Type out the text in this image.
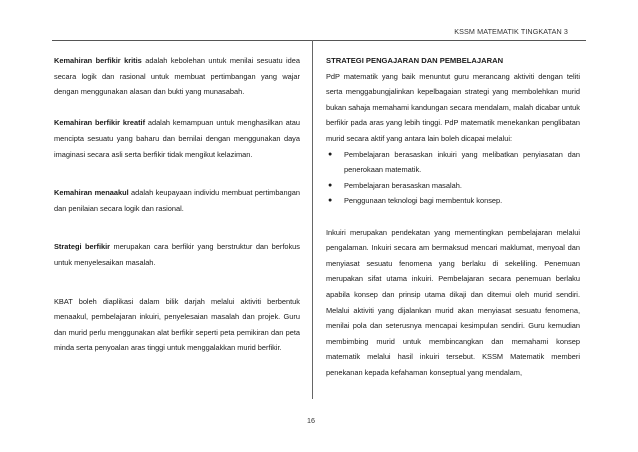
KSSM MATEMATIK TINGKATAN 3

Kemahiran berfikir kritis adalah kebolehan untuk menilai sesuatu idea secara logik dan rasional untuk membuat pertimbangan yang wajar dengan menggunakan alasan dan bukti yang munasabah.

Kemahiran berfikir kreatif adalah kemampuan untuk menghasilkan atau mencipta sesuatu yang baharu dan bernilai dengan menggunakan daya imaginasi secara asli serta berfikir tidak mengikut kelaziman.

Kemahiran menaakul adalah keupayaan individu membuat pertimbangan dan penilaian secara logik dan rasional.

Strategi berfikir merupakan cara berfikir yang berstruktur dan berfokus untuk menyelesaikan masalah.

KBAT boleh diaplikasi dalam bilik darjah melalui aktiviti berbentuk menaakul, pembelajaran inkuiri, penyelesaian masalah dan projek. Guru dan murid perlu menggunakan alat berfikir seperti peta pemikiran dan peta minda serta penyoalan aras tinggi untuk menggalakkan murid berfikir.

STRATEGI PENGAJARAN DAN PEMBELAJARAN

PdP matematik yang baik menuntut guru merancang aktiviti dengan teliti serta menggabungjalinkan kepelbagaian strategi yang membolehkan murid bukan sahaja memahami kandungan secara mendalam, malah dicabar untuk berfikir pada aras yang lebih tinggi. PdP matematik menekankan penglibatan murid secara aktif yang antara lain boleh dicapai melalui:

● Pembelajaran berasaskan inkuiri yang melibatkan penyiasatan dan penerokaan matematik.
● Pembelajaran berasaskan masalah.
● Penggunaan teknologi bagi membentuk konsep.

Inkuiri merupakan pendekatan yang mementingkan pembelajaran melalui pengalaman. Inkuiri secara am bermaksud mencari maklumat, menyoal dan menyiasat sesuatu fenomena yang berlaku di sekeliling. Penemuan merupakan sifat utama inkuiri. Pembelajaran secara penemuan berlaku apabila konsep dan prinsip utama dikaji dan ditemui oleh murid sendiri. Melalui aktiviti yang dijalankan murid akan menyiasat sesuatu fenomena, menilai pola dan seterusnya mencapai kesimpulan sendiri. Guru kemudian membimbing murid untuk membincangkan dan memahami konsep matematik melalui hasil inkuiri tersebut. KSSM Matematik memberi penekanan kepada kefahaman konseptual yang mendalam,

16
